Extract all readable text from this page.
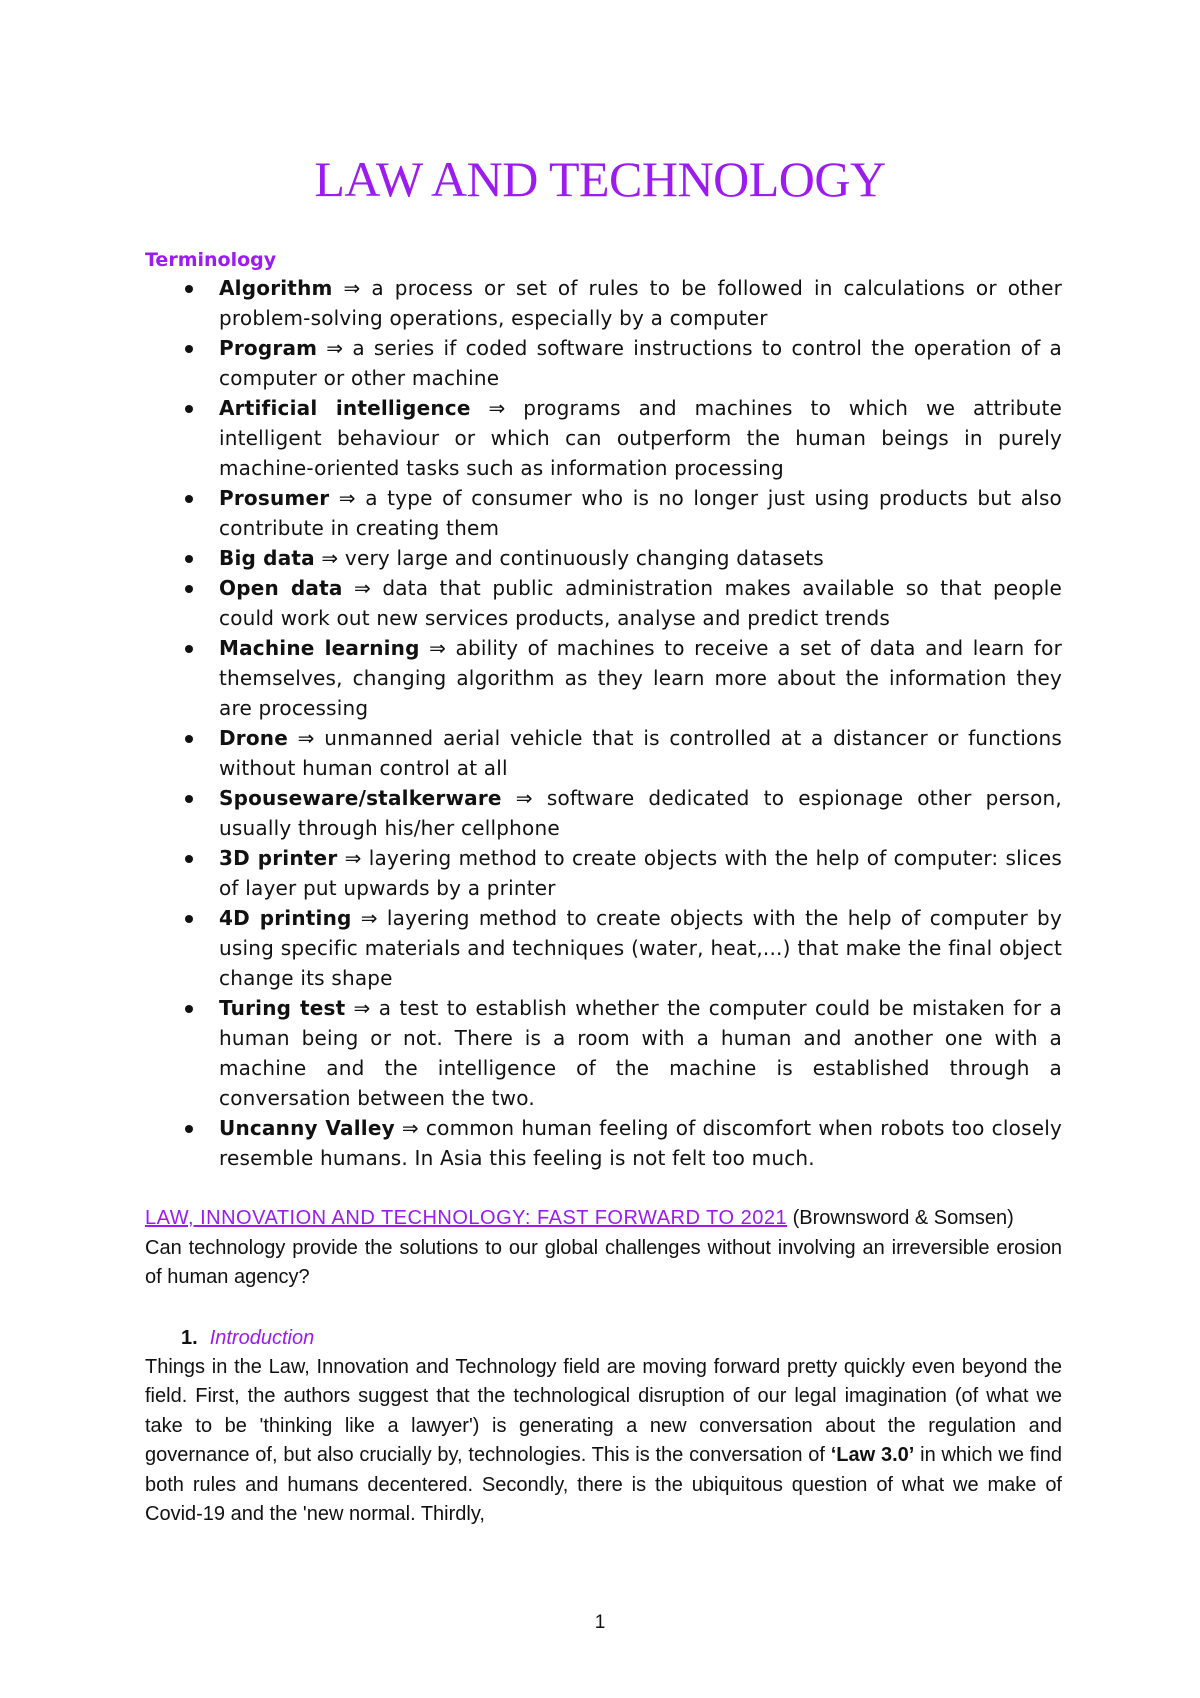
LAW AND TECHNOLOGY

Terminology

Algorithm ⇒ a process or set of rules to be followed in calculations or other problem-solving operations, especially by a computer
Program ⇒ a series if coded software instructions to control the operation of a computer or other machine
Artificial intelligence ⇒ programs and machines to which we attribute intelligent behaviour or which can outperform the human beings in purely machine-oriented tasks such as information processing
Prosumer ⇒ a type of consumer who is no longer just using products but also contribute in creating them
Big data ⇒ very large and continuously changing datasets
Open data ⇒ data that public administration makes available so that people could work out new services products, analyse and predict trends
Machine learning ⇒ ability of machines to receive a set of data and learn for themselves, changing algorithm as they learn more about the information they are processing
Drone ⇒ unmanned aerial vehicle that is controlled at a distancer or functions without human control at all
Spouseware/stalkerware ⇒ software dedicated to espionage other person, usually through his/her cellphone
3D printer ⇒ layering method to create objects with the help of computer: slices of layer put upwards by a printer
4D printing ⇒ layering method to create objects with the help of computer by using specific materials and techniques (water, heat,...) that make the final object change its shape
Turing test ⇒ a test to establish whether the computer could be mistaken for a human being or not. There is a room with a human and another one with a machine and the intelligence of the machine is established through a conversation between the two.
Uncanny Valley ⇒ common human feeling of discomfort when robots too closely resemble humans. In Asia this feeling is not felt too much.
LAW, INNOVATION AND TECHNOLOGY: FAST FORWARD TO 2021 (Brownsword & Somsen)
Can technology provide the solutions to our global challenges without involving an irreversible erosion of human agency?
1. Introduction
Things in the Law, Innovation and Technology field are moving forward pretty quickly even beyond the field. First, the authors suggest that the technological disruption of our legal imagination (of what we take to be 'thinking like a lawyer') is generating a new conversation about the regulation and governance of, but also crucially by, technologies. This is the conversation of ‘Law 3.0’ in which we find both rules and humans decentered. Secondly, there is the ubiquitous question of what we make of Covid-19 and the 'new normal. Thirdly,
1
